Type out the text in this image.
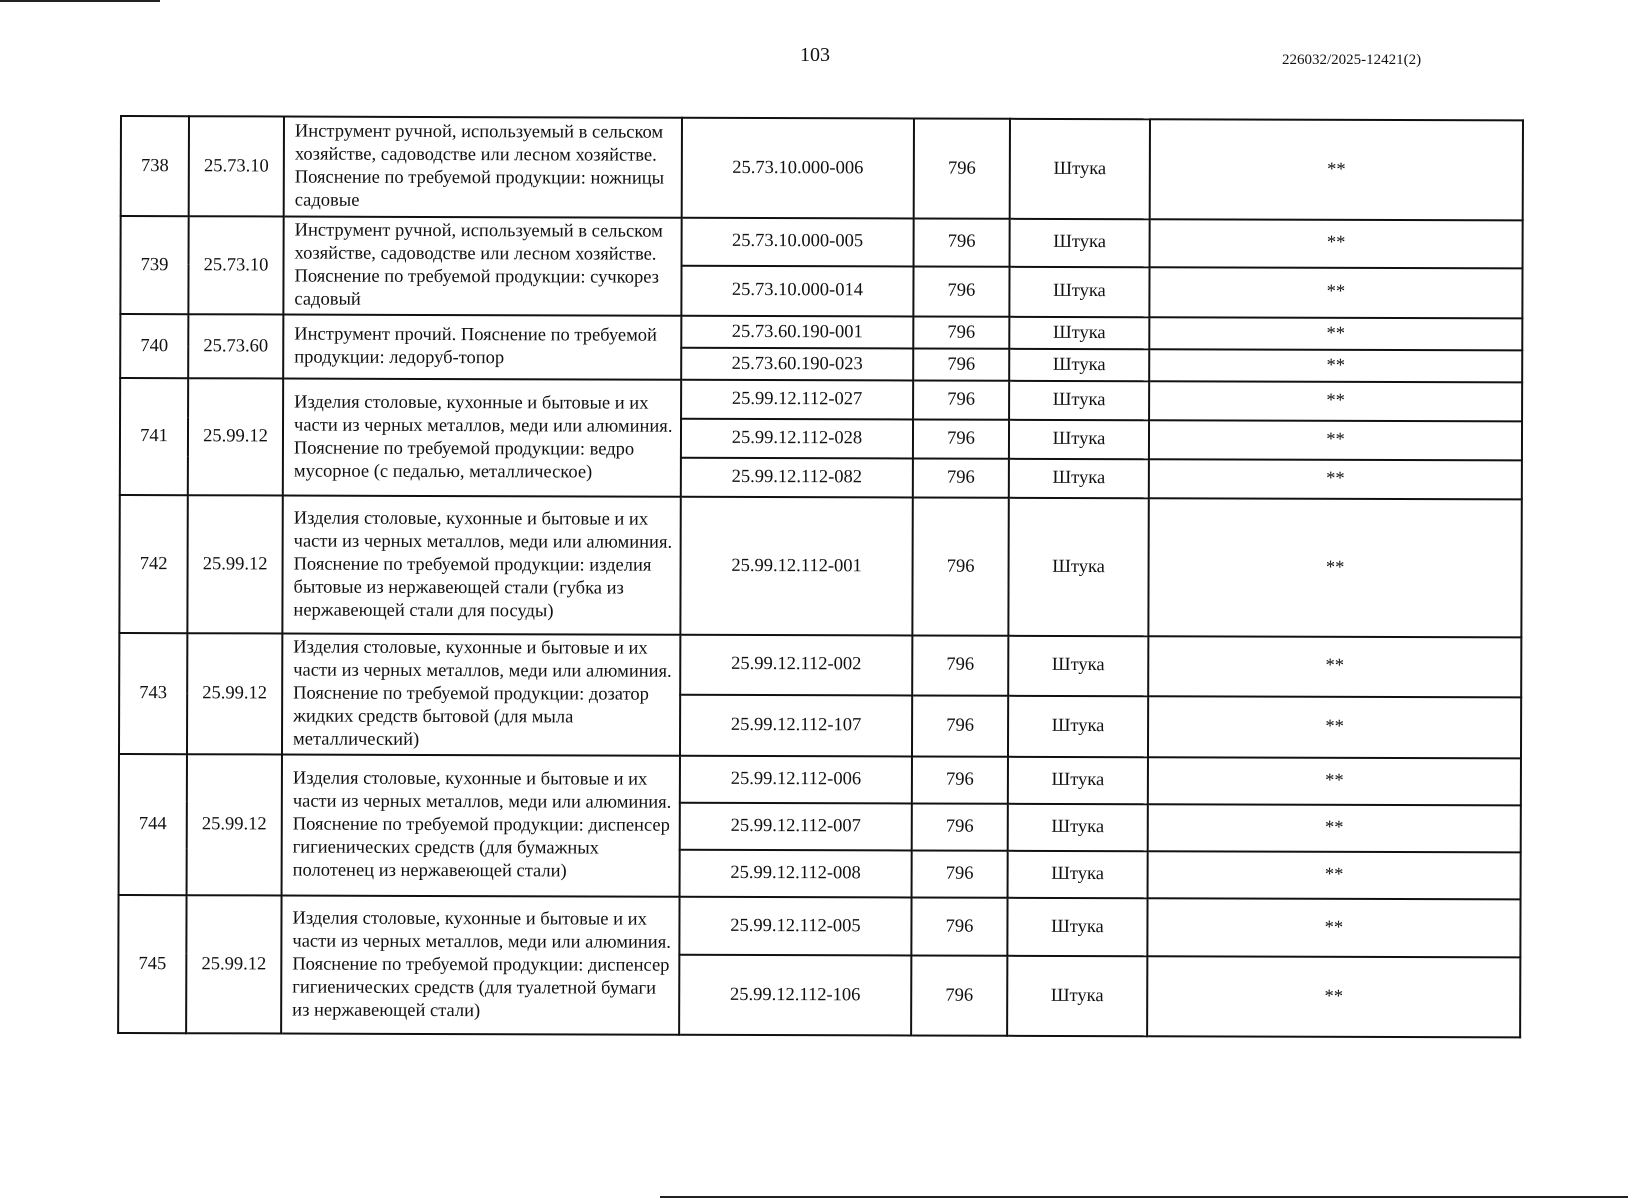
103	226032/2025-12421(2)
738	25.73.10	Инструмент ручной, используемый в сельском хозяйстве, садоводстве или лесном хозяйстве. Пояснение по требуемой продукции: ножницы садовые	25.73.10.000-006	796	Штука	**
739	25.73.10	Инструмент ручной, используемый в сельском хозяйстве, садоводстве или лесном хозяйстве. Пояснение по требуемой продукции: сучкорез садовый	25.73.10.000-005	796	Штука	**
			25.73.10.000-014	796	Штука	**
740	25.73.60	Инструмент прочий. Пояснение по требуемой продукции: ледоруб-топор	25.73.60.190-001	796	Штука	**
			25.73.60.190-023	796	Штука	**
741	25.99.12	Изделия столовые, кухонные и бытовые и их части из черных металлов, меди или алюминия. Пояснение по требуемой продукции: ведро мусорное (с педалью, металлическое)	25.99.12.112-027	796	Штука	**
			25.99.12.112-028	796	Штука	**
			25.99.12.112-082	796	Штука	**
742	25.99.12	Изделия столовые, кухонные и бытовые и их части из черных металлов, меди или алюминия. Пояснение по требуемой продукции: изделия бытовые из нержавеющей стали (губка из нержавеющей стали для посуды)	25.99.12.112-001	796	Штука	**
743	25.99.12	Изделия столовые, кухонные и бытовые и их части из черных металлов, меди или алюминия. Пояснение по требуемой продукции: дозатор жидких средств бытовой (для мыла металлический)	25.99.12.112-002	796	Штука	**
			25.99.12.112-107	796	Штука	**
744	25.99.12	Изделия столовые, кухонные и бытовые и их части из черных металлов, меди или алюминия. Пояснение по требуемой продукции: диспенсер гигиенических средств (для бумажных полотенец из нержавеющей стали)	25.99.12.112-006	796	Штука	**
			25.99.12.112-007	796	Штука	**
			25.99.12.112-008	796	Штука	**
745	25.99.12	Изделия столовые, кухонные и бытовые и их части из черных металлов, меди или алюминия. Пояснение по требуемой продукции: диспенсер гигиенических средств (для туалетной бумаги из нержавеющей стали)	25.99.12.112-005	796	Штука	**
			25.99.12.112-106	796	Штука	**
